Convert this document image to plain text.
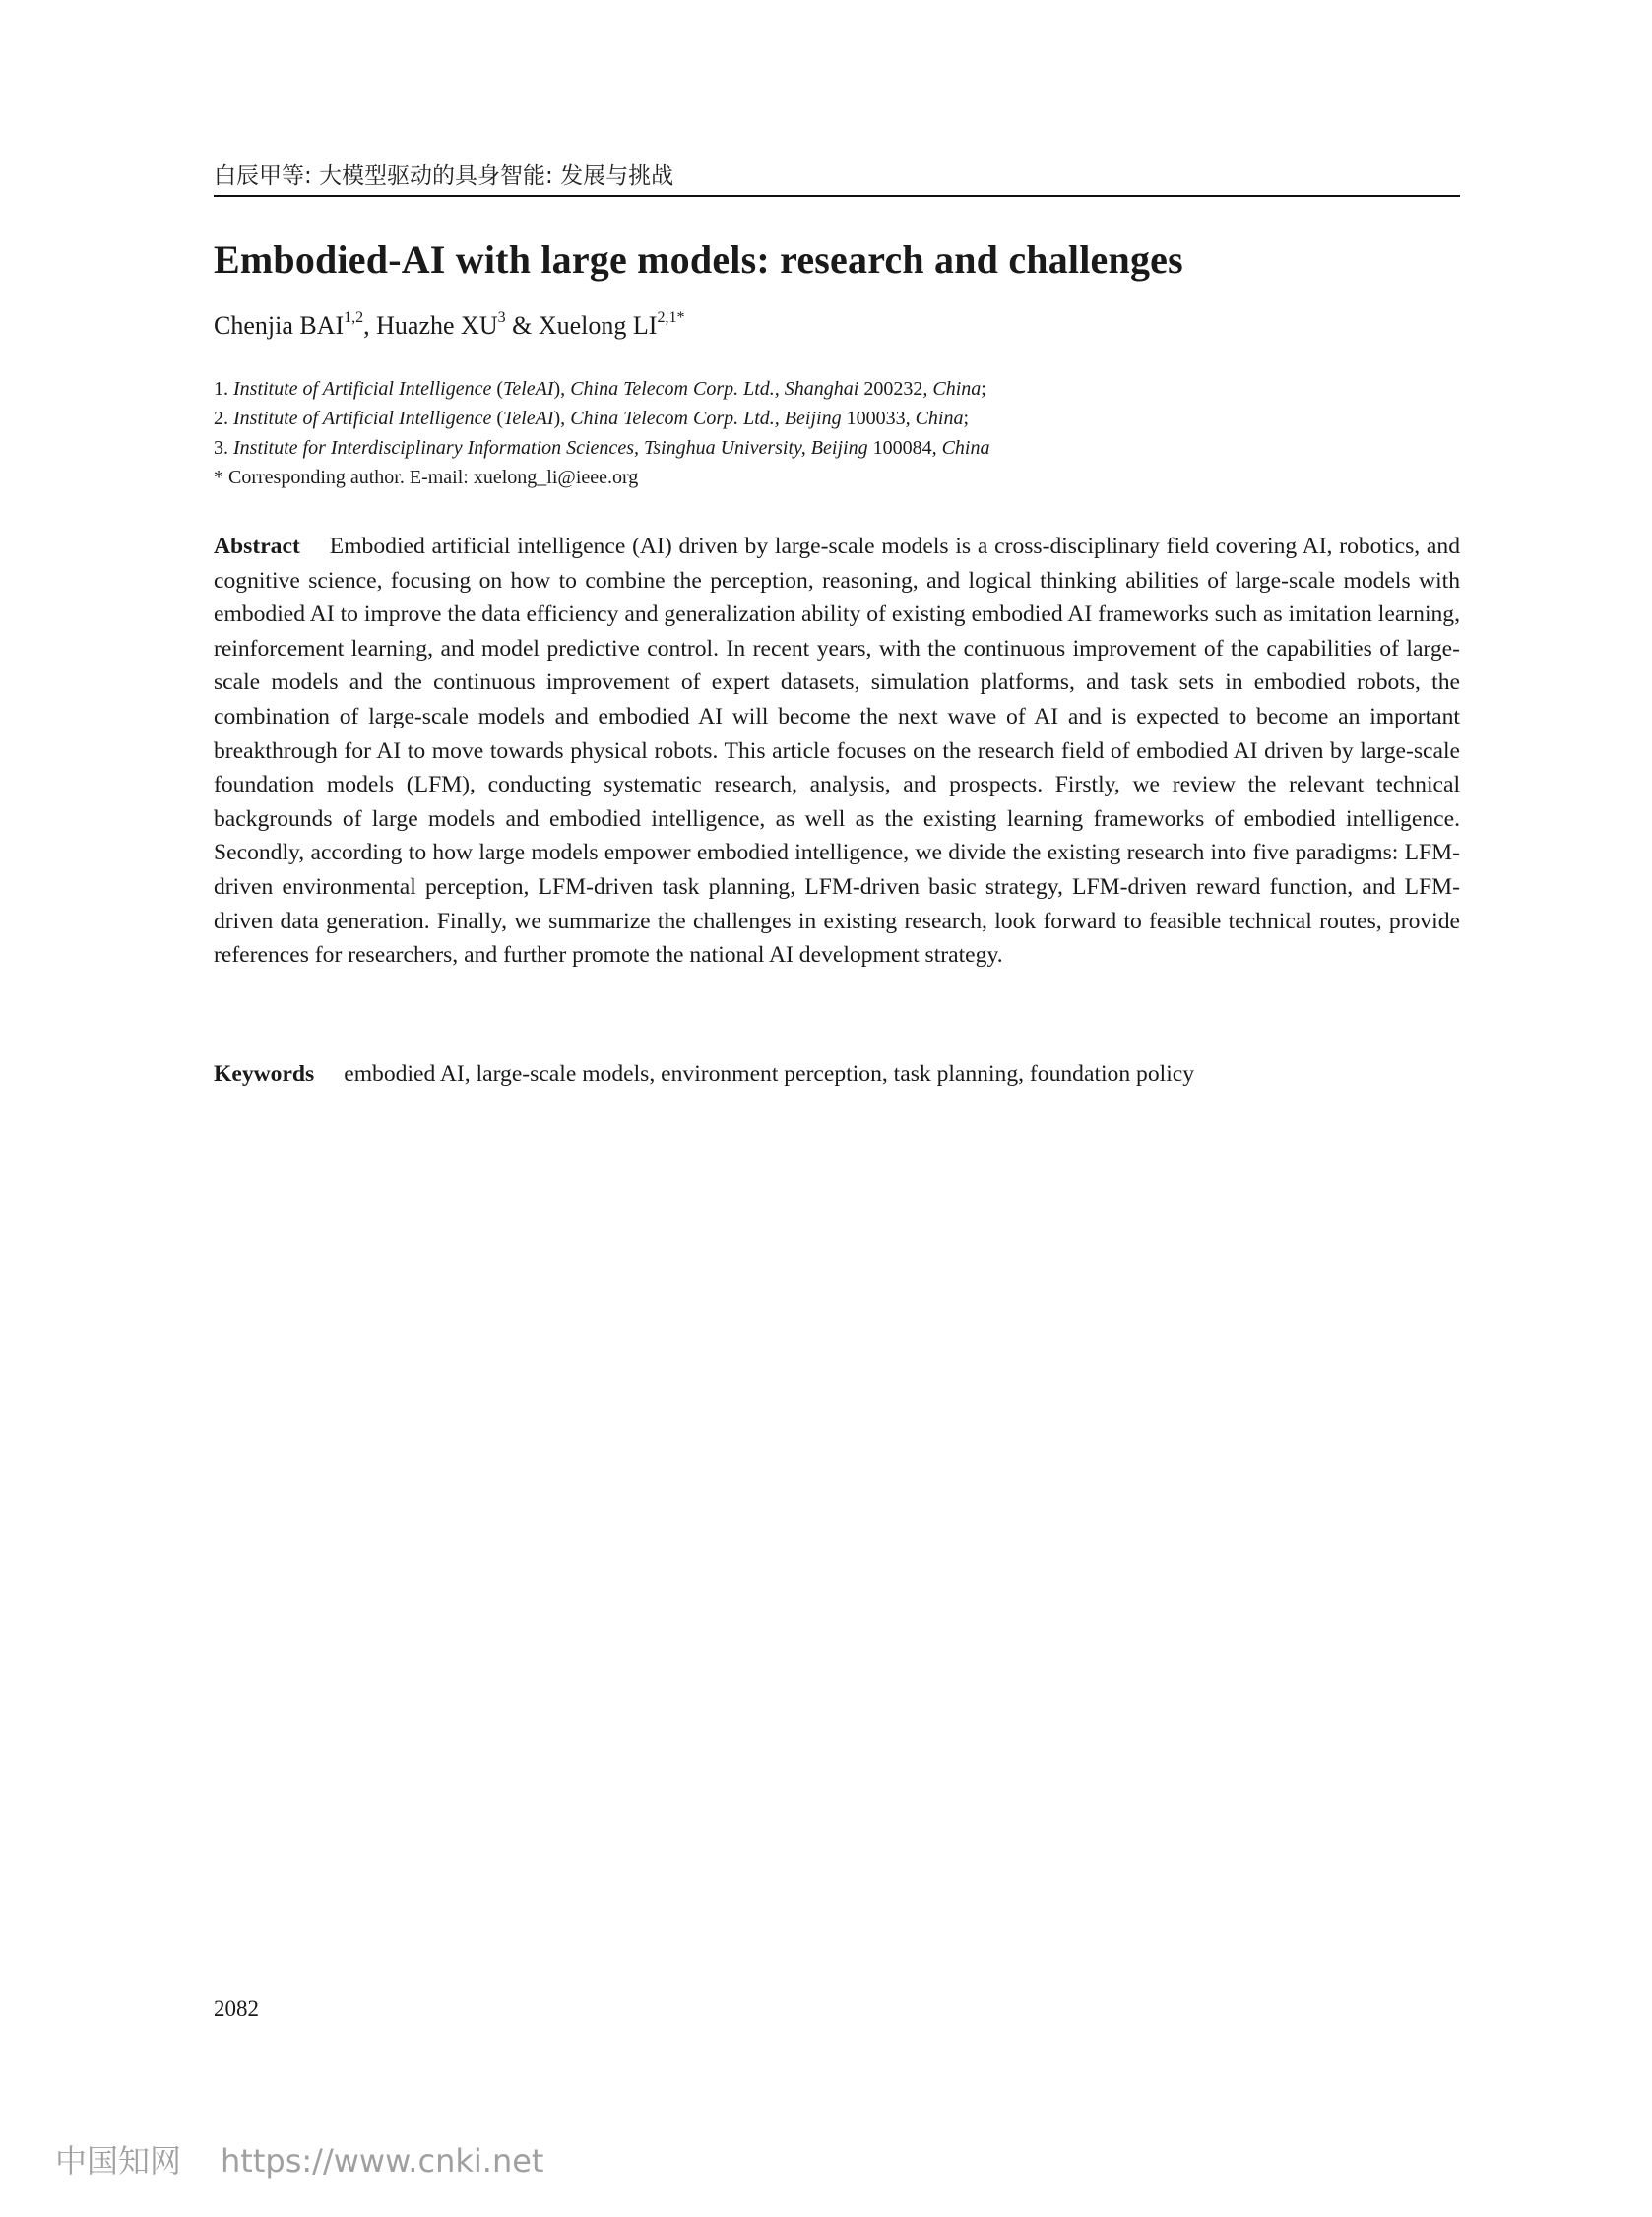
白辰甲等: 大模型驱动的具身智能: 发展与挑战
Embodied-AI with large models: research and challenges
Chenjia BAI$^{1,2}$, Huazhe $XU^3$ & Xuelong $LI^{2,1*}$
1. Institute of Artificial Intelligence (TeleAI), China Telecom Corp. Ltd., Shanghai 200232, China;
2. Institute of Artificial Intelligence (TeleAI), China Telecom Corp. Ltd., Beijing 100033, China;
3. Institute for Interdisciplinary Information Sciences, Tsinghua University, Beijing 100084, China
* Corresponding author. E-mail: xuelong_li@ieee.org

Abstract Embodied artificial intelligence (AI) driven by large-scale models is a cross-disciplinary field covering AI, robotics, and cognitive science, focusing on how to combine the perception, reasoning, and logical thinking abilities of large-scale models with embodied AI to improve the data efficiency and generalization ability of existing embodied AI frameworks such as imitation learning, reinforcement learning, and model predictive control. In recent years, with the continuous improvement of the capabilities of large-scale models and the continuous improvement of expert datasets, simulation platforms, and task sets in embodied robots, the combination of large-scale models and embodied AI will become the next wave of AI and is expected to become an important breakthrough for AI to move towards physical robots. This article focuses on the research field of embodied AI driven by large-scale foundation models (LFM), conducting systematic research, analysis, and prospects. Firstly, we review the relevant technical backgrounds of large models and embodied intelligence, as well as the existing learning frameworks of embodied intelligence. Secondly, according to how large models empower embodied intelligence, we divide the existing research into five paradigms: LFM-driven environmental perception, LFM-driven task planning, LFM-driven basic strategy, LFM-driven reward function, and LFM-driven data generation. Finally, we summarize the challenges in existing research, look forward to feasible technical routes, provide references for researchers, and further promote the national AI development strategy.

Keywords embodied AI, large-scale models, environment perception, task planning, foundation policy
2082
中国知网 https://www.cnki.net
